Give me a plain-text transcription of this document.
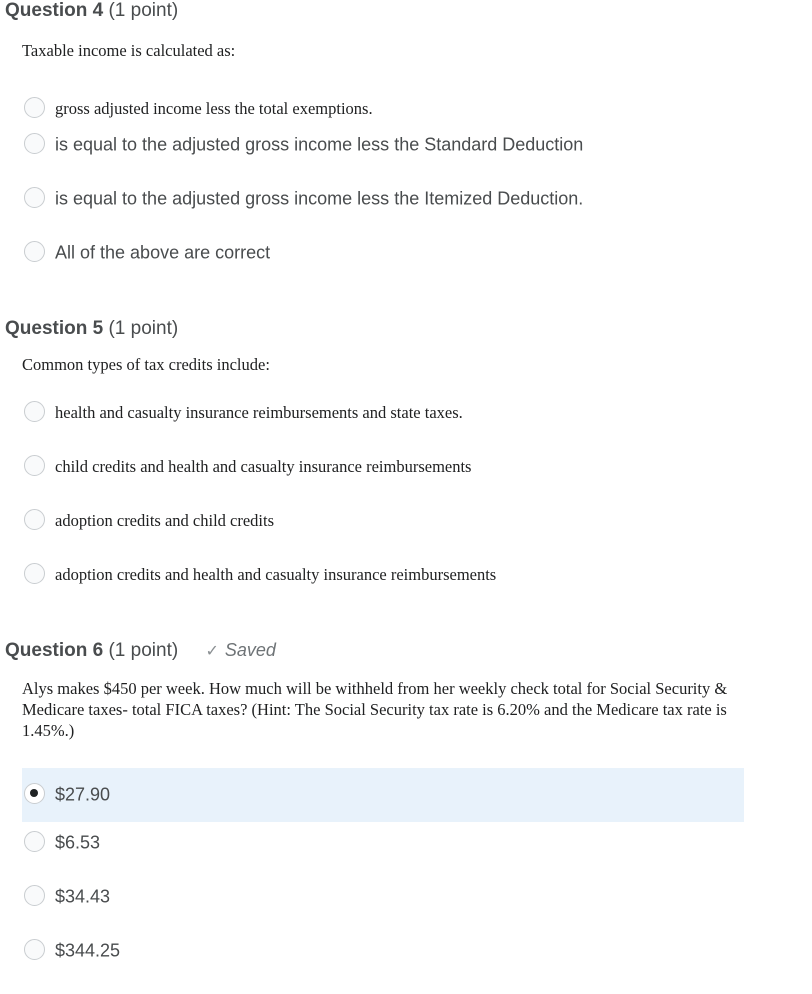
Question 4 (1 point)
Taxable income is calculated as:
gross adjusted income less the total exemptions.
is equal to the adjusted gross income less the Standard Deduction
is equal to the adjusted gross income less the Itemized Deduction.
All of the above are correct
Question 5 (1 point)
Common types of tax credits include:
health and casualty insurance reimbursements and state taxes.
child credits and health and casualty insurance reimbursements
adoption credits and child credits
adoption credits and health and casualty insurance reimbursements
Question 6 (1 point) ✓ Saved
Alys makes $450 per week. How much will be withheld from her weekly check total for Social Security & Medicare taxes- total FICA taxes? (Hint: The Social Security tax rate is 6.20% and the Medicare tax rate is 1.45%.)
$27.90
$6.53
$34.43
$344.25
